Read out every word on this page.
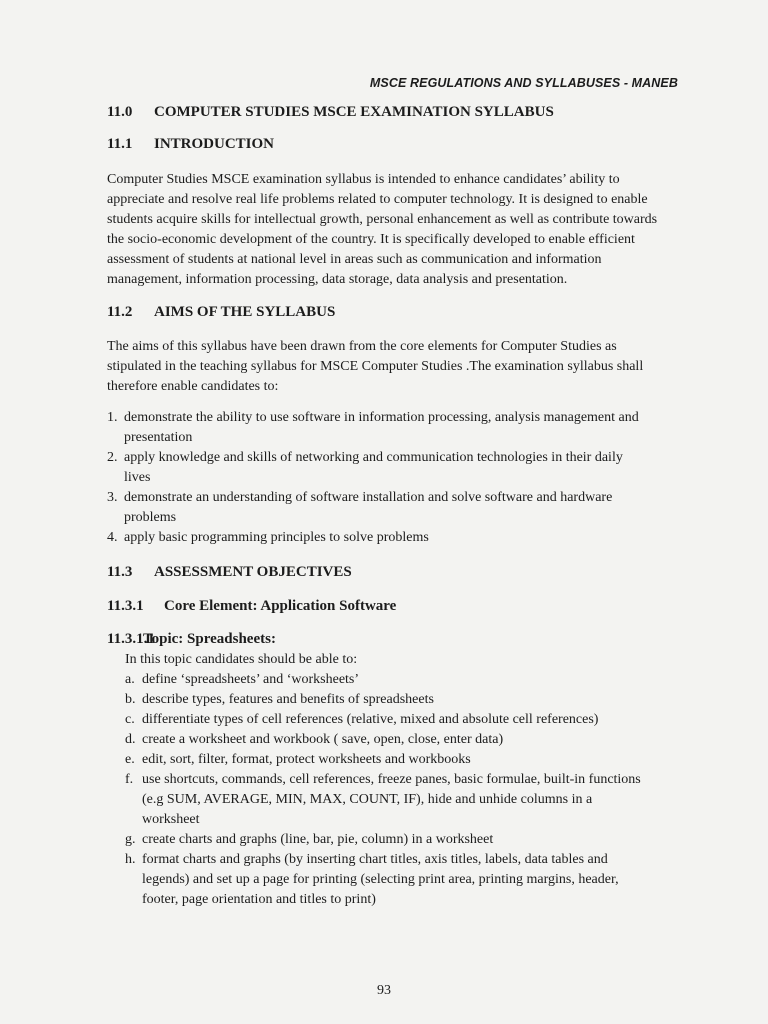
MSCE REGULATIONS AND SYLLABUSES - MANEB
11.0 COMPUTER STUDIES MSCE EXAMINATION SYLLABUS
11.1 INTRODUCTION
Computer Studies MSCE examination syllabus is intended to enhance candidates’ ability to
appreciate and resolve real life problems related to computer technology. It is designed to enable
students acquire skills for intellectual growth, personal enhancement as well as contribute towards
the socio-economic development of the country. It is specifically developed to enable efficient
assessment of students at national level in areas such as communication and information
management, information processing, data storage, data analysis and presentation.
11.2 AIMS OF THE SYLLABUS
The aims of this syllabus have been drawn from the core elements for Computer Studies as
stipulated in the teaching syllabus for MSCE Computer Studies .The examination syllabus shall
therefore enable candidates to:
1. demonstrate the ability to use software in information processing, analysis management and
presentation
2. apply knowledge and skills of networking and communication technologies in their daily
lives
3. demonstrate an understanding of software installation and solve software and hardware
problems
4. apply basic programming principles to solve problems
11.3 ASSESSMENT OBJECTIVES
11.3.1 Core Element: Application Software
11.3.1.1Topic: Spreadsheets:
In this topic candidates should be able to:
a. define ‘spreadsheets’ and ‘worksheets’
b. describe types, features and benefits of spreadsheets
c. differentiate types of cell references (relative, mixed and absolute cell references)
d. create a worksheet and workbook ( save, open, close, enter data)
e. edit, sort, filter, format, protect worksheets and workbooks
f. use shortcuts, commands, cell references, freeze panes, basic formulae, built-in functions
(e.g SUM, AVERAGE, MIN, MAX, COUNT, IF), hide and unhide columns in a
worksheet
g. create charts and graphs (line, bar, pie, column) in a worksheet
h. format charts and graphs (by inserting chart titles, axis titles, labels, data tables and
legends) and set up a page for printing (selecting print area, printing margins, header,
footer, page orientation and titles to print)
93
